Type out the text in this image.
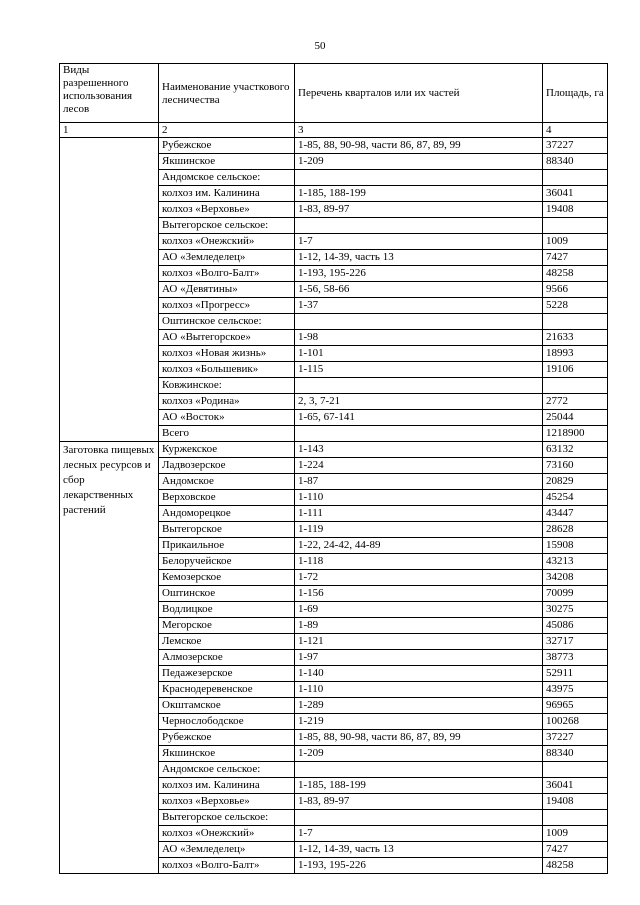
50
Виды разрешенного использования лесов	Наименование участкового лесничества	Перечень кварталов или их частей	Площадь, га
1	2	3	4
	Рубежское	1-85, 88, 90-98, части 86, 87, 89, 99	37227
	Якшинское	1-209	88340
	Андомское сельское:		
	колхоз им. Калинина	1-185, 188-199	36041
	колхоз «Верховье»	1-83, 89-97	19408
	Вытегорское сельское:		
	колхоз «Онежский»	1-7	1009
	АО «Земледелец»	1-12, 14-39, часть 13	7427
	колхоз «Волго-Балт»	1-193, 195-226	48258
	АО «Девятины»	1-56, 58-66	9566
	колхоз «Прогресс»	1-37	5228
	Оштинское сельское:		
	АО «Вытегорское»	1-98	21633
	колхоз «Новая жизнь»	1-101	18993
	колхоз «Большевик»	1-115	19106
	Ковжинское:		
	колхоз «Родина»	2, 3, 7-21	2772
	АО «Восток»	1-65, 67-141	25044
	Всего		1218900
Заготовка пищевых лесных ресурсов и сбор лекарственных растений	Куржекское	1-143	63132
	Ладвозерское	1-224	73160
	Андомское	1-87	20829
	Верховское	1-110	45254
	Андоморецкое	1-111	43447
	Вытегорское	1-119	28628
	Прикаильное	1-22, 24-42, 44-89	15908
	Белоручейское	1-118	43213
	Кемозерское	1-72	34208
	Оштинское	1-156	70099
	Водлицкое	1-69	30275
	Мегорское	1-89	45086
	Лемское	1-121	32717
	Алмозерское	1-97	38773
	Педажезерское	1-140	52911
	Краснодеревенское	1-110	43975
	Окштамское	1-289	96965
	Чернослободское	1-219	100268
	Рубежское	1-85, 88, 90-98, части 86, 87, 89, 99	37227
	Якшинское	1-209	88340
	Андомское сельское:		
	колхоз им. Калинина	1-185, 188-199	36041
	колхоз «Верховье»	1-83, 89-97	19408
	Вытегорское сельское:		
	колхоз «Онежский»	1-7	1009
	АО «Земледелец»	1-12, 14-39, часть 13	7427
	колхоз «Волго-Балт»	1-193, 195-226	48258
